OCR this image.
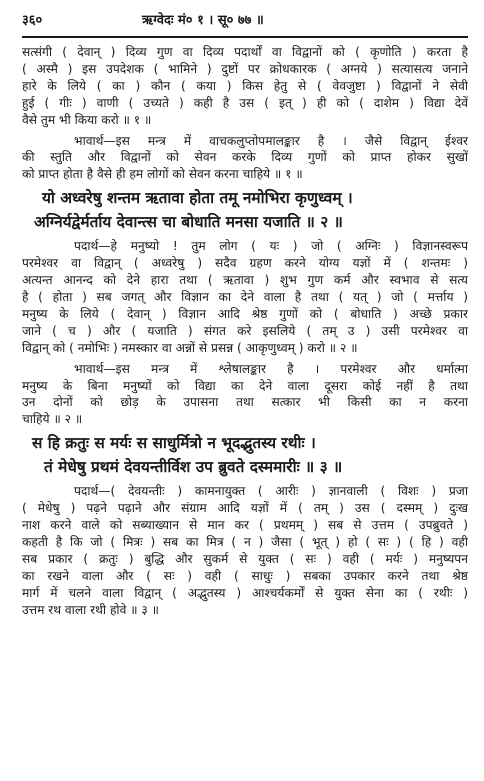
३६०	ऋग्वेदः मं० १ । सू० ७७ ॥
सत्संगी ( देवान् ) दिव्य गुण वा दिव्य पदार्थों वा विद्वानों को ( कृणोति ) करता है
( अस्मै ) इस उपदेशक ( भामिने ) दुष्टों पर क्रोधकारक ( अग्नये ) सत्यासत्य जनाने
हारे के लिये ( का ) कौन ( कया ) किस हेतु से ( वेवजुष्टा ) विद्वानों ने सेवी
हुई ( गीः ) वाणी ( उच्यते ) कही है उस ( इत् ) ही को ( दाशेम ) विद्या देवें
वैसे तुम भी किया करो ॥ १ ॥
भावार्थ—इस मन्त्र में वाचकलुप्तोपमालङ्कार है । जैसे विद्वान् ईश्वर
की स्तुति और विद्वानों को सेवन करके दिव्य गुणों को प्राप्त होकर सुखों
को प्राप्त होता है वैसे ही हम लोगों को सेवन करना चाहिये ॥ १ ॥
यो अध्वरेषु शन्तम ऋतावा होता तमू नमोभिरा कृणुध्वम् ।
अग्निर्यद्वेर्मर्ताय देवान्त्स चा बोधाति मनसा यजाति ॥ २ ॥
पदार्थ—हे मनुष्यो ! तुम लोग ( यः ) जो ( अग्निः ) विज्ञानस्वरूप
परमेश्वर वा विद्वान् ( अध्वरेषु ) सदैव ग्रहण करने योग्य यज्ञों में ( शन्तमः )
अत्यन्त आनन्द को देने हारा तथा ( ऋतावा ) शुभ गुण कर्म और स्वभाव से सत्य
है ( होता ) सब जगत् और विज्ञान का देने वाला है तथा ( यत् ) जो ( मर्त्ताय )
मनुष्य के लिये ( देवान् ) विज्ञान आदि श्रेष्ठ गुणों को ( बोधाति ) अच्छे प्रकार
जाने ( च ) और ( यजाति ) संगत करे इसलिये ( तम् उ ) उसी परमेश्वर वा
विद्वान् को ( नमोभिः ) नमस्कार वा अन्नों से प्रसन्न ( आकृणुध्वम् ) करो ॥ २ ॥
भावार्थ—इस मन्त्र में श्लेषालङ्कार है । परमेश्वर और धर्मात्मा
मनुष्य के बिना मनुष्यों को विद्या का देने वाला दूसरा कोई नहीं है तथा
उन दोनों को छोड़ के उपासना तथा सत्कार भी किसी का न करना
चाहिये ॥ २ ॥
स हि क्रतुः स मर्यः स साधुर्मित्रो न भूदद्भुतस्य रथीः ।
तं मेधेषु प्रथमं देवयन्तीर्विश उप ब्रुवते दस्ममारीः ॥ ३ ॥
पदार्थ—( देवयन्तीः ) कामनायुक्त ( आरीः ) ज्ञानवाली ( विशः ) प्रजा
( मेधेषु ) पढ़ने पढ़ाने और संग्राम आदि यज्ञों में ( तम् ) उस ( दस्मम् ) दुःख
नाश करने वाले को सब्याख्यान से मान कर ( प्रथमम् ) सब से उत्तम ( उपब्रुवते )
कहती है कि जो ( मित्रः ) सब का मित्र ( न ) जैसा ( भूत् ) हो ( सः ) ( हि ) वही
सब प्रकार ( क्रतुः ) बुद्धि और सुकर्म से युक्त ( सः ) वही ( मर्यः ) मनुष्यपन
का रखने वाला और ( सः ) वही ( साधुः ) सबका उपकार करने तथा श्रेष्ठ
मार्ग में चलने वाला विद्वान् ( अद्भुतस्य ) आश्चर्यकर्मों से युक्त सेना का ( रथीः )
उत्तम रथ वाला रथी होवे ॥ ३ ॥
